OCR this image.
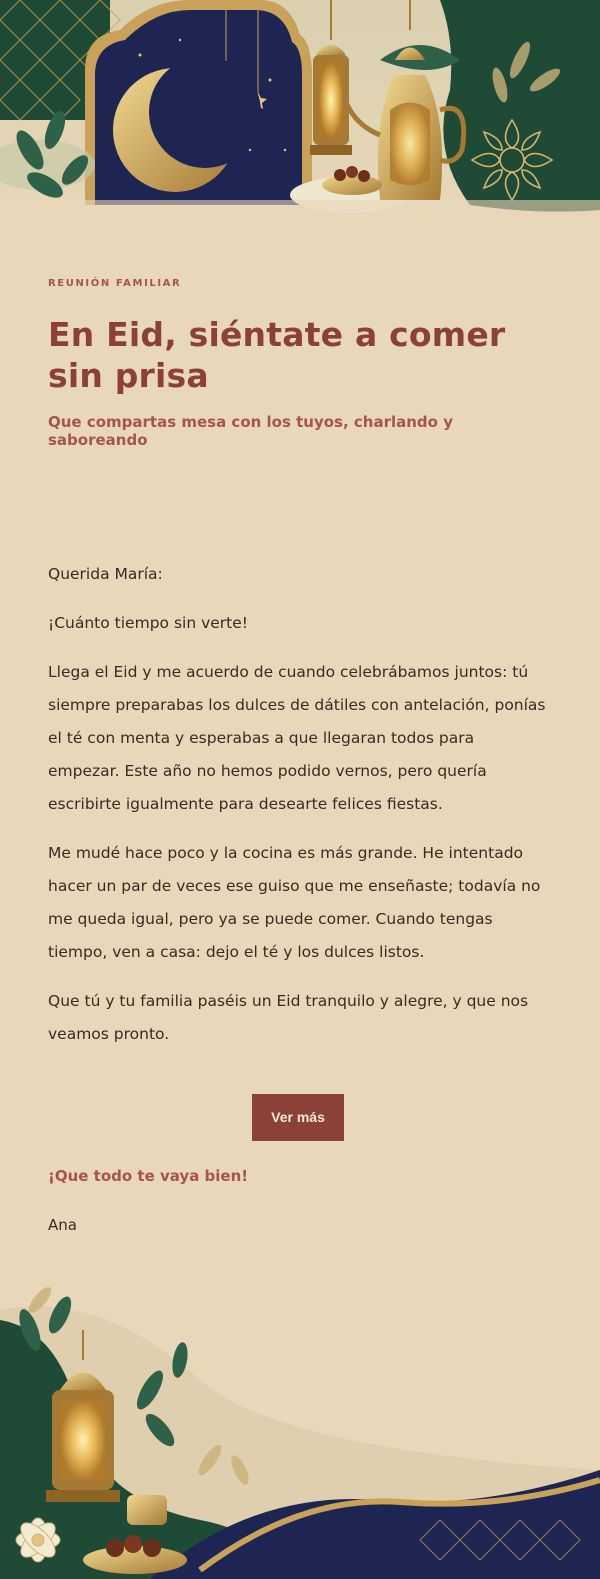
REUNIÓN FAMILIAR
En Eid, siéntate a comer sin prisa
Que compartas mesa con los tuyos, charlando y saboreando

Querida María:

¡Cuánto tiempo sin verte!

Llega el Eid y me acuerdo de cuando celebrábamos juntos: tú siempre preparabas los dulces de dátiles con antelación, ponías el té con menta y esperabas a que llegaran todos para empezar. Este año no hemos podido vernos, pero quería escribirte igualmente para desearte felices fiestas.

Me mudé hace poco y la cocina es más grande. He intentado hacer un par de veces ese guiso que me enseñaste; todavía no me queda igual, pero ya se puede comer. Cuando tengas tiempo, ven a casa: dejo el té y los dulces listos.

Que tú y tu familia paséis un Eid tranquilo y alegre, y que nos veamos pronto.

Ver más
¡Que todo te vaya bien!
Ana
